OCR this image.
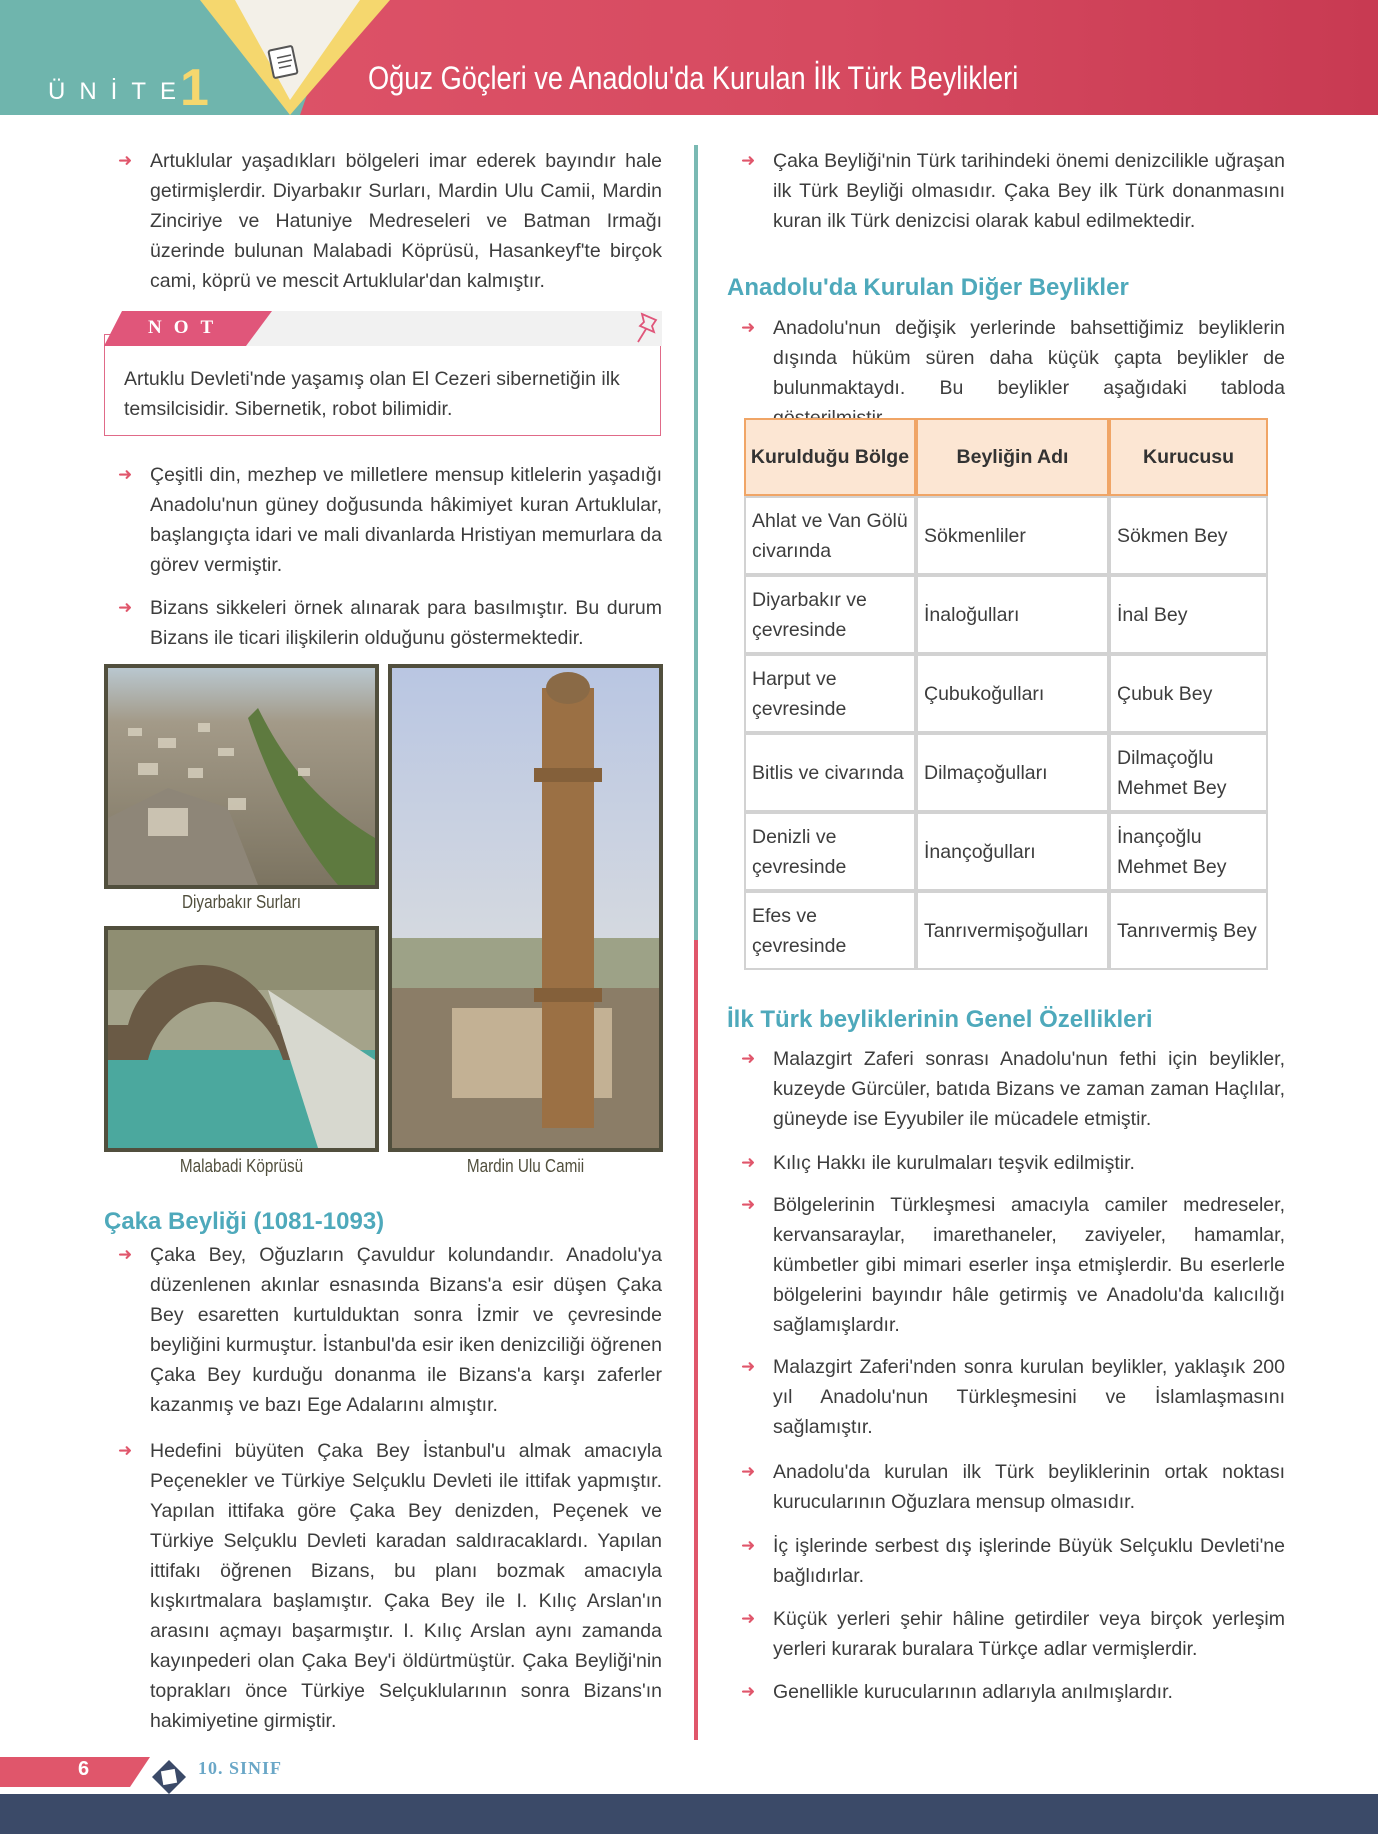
ÜNİTE
1	Oğuz Göçleri ve Anadolu'da Kurulan İlk Türk Beylikleri
➜ Artuklular yaşadıkları bölgeleri imar ederek bayındır hale getirmişlerdir. Diyarbakır Surları, Mardin Ulu Camii, Mardin Zinciriye ve Hatuniye Medreseleri ve Batman Irmağı üzerinde bulunan Malabadi Köprüsü, Hasankeyf'te birçok cami, köprü ve mescit Artuklular'dan kalmıştır.
NOT
Artuklu Devleti'nde yaşamış olan El Cezeri sibernetiğin ilk temsilcisidir. Sibernetik, robot bilimidir.
➜ Çeşitli din, mezhep ve milletlere mensup kitlelerin yaşadığı Anadolu'nun güney doğusunda hâkimiyet kuran Artuklular, başlangıçta idari ve mali divanlarda Hristiyan memurlara da görev vermiştir.
➜ Bizans sikkeleri örnek alınarak para basılmıştır. Bu durum Bizans ile ticari ilişkilerin olduğunu göstermektedir.
Diyarbakır Surları
Malabadi Köprüsü	Mardin Ulu Camii
Çaka Beyliği (1081-1093)
➜ Çaka Bey, Oğuzların Çavuldur kolundandır. Anadolu'ya düzenlenen akınlar esnasında Bizans'a esir düşen Çaka Bey esaretten kurtulduktan sonra İzmir ve çevresinde beyliğini kurmuştur. İstanbul'da esir iken denizciliği öğrenen Çaka Bey kurduğu donanma ile Bizans'a karşı zaferler kazanmış ve bazı Ege Adalarını almıştır.
➜ Hedefini büyüten Çaka Bey İstanbul'u almak amacıyla Peçenekler ve Türkiye Selçuklu Devleti ile ittifak yapmıştır. Yapılan ittifaka göre Çaka Bey denizden, Peçenek ve Türkiye Selçuklu Devleti karadan saldıracaklardı. Yapılan ittifakı öğrenen Bizans, bu planı bozmak amacıyla kışkırtmalara başlamıştır. Çaka Bey ile I. Kılıç Arslan'ın arasını açmayı başarmıştır. I. Kılıç Arslan aynı zamanda kayınpederi olan Çaka Bey'i öldürtmüştür. Çaka Beyliği'nin toprakları önce Türkiye Selçuklularının sonra Bizans'ın hakimiyetine girmiştir.
➜ Çaka Beyliği'nin Türk tarihindeki önemi denizcilikle uğraşan ilk Türk Beyliği olmasıdır. Çaka Bey ilk Türk donanmasını kuran ilk Türk denizcisi olarak kabul edilmektedir.
Anadolu'da Kurulan Diğer Beylikler
➜ Anadolu'nun değişik yerlerinde bahsettiğimiz beyliklerin dışında hüküm süren daha küçük çapta beylikler de bulunmaktaydı. Bu beylikler aşağıdaki tabloda
Kurulduğu Bölge	Beyliğin Adı	Kurucusu
Ahlat ve Van Gölü civarında	Sökmenliler	Sökmen Bey
Diyarbakır ve çevresinde	İnaloğulları	İnal Bey
Harput ve çevresinde	Çubukoğulları	Çubuk Bey
Bitlis ve civarında	Dilmaçoğulları	Dilmaçoğlu Mehmet Bey
Denizli ve çevresinde	İnançoğulları	İnançoğlu Mehmet Bey
Efes ve çevresinde	Tanrıvermişoğulları	Tanrıvermiş Bey
İlk Türk beyliklerinin Genel Özellikleri
➜ Malazgirt Zaferi sonrası Anadolu'nun fethi için beylikler, kuzeyde Gürcüler, batıda Bizans ve zaman zaman Haçlılar, güneyde ise Eyyubiler ile mücadele etmiştir.
➜ Kılıç Hakkı ile kurulmaları teşvik edilmiştir.
➜ Bölgelerinin Türkleşmesi amacıyla camiler medreseler, kervansaraylar, imarethaneler, zaviyeler, hamamlar, kümbetler gibi mimari eserler inşa etmişlerdir. Bu eserlerle bölgelerini bayındır hâle getirmiş ve Anadolu'da kalıcılığı sağlamışlardır.
➜ Malazgirt Zaferi'nden sonra kurulan beylikler, yaklaşık 200 yıl Anadolu'nun Türkleşmesini ve İslamlaşmasını sağlamıştır.
➜ Anadolu'da kurulan ilk Türk beyliklerinin ortak noktası kurucularının Oğuzlara mensup olmasıdır.
➜ İç işlerinde serbest dış işlerinde Büyük Selçuklu Devleti'ne bağlıdırlar.
➜ Küçük yerleri şehir hâline getirdiler veya birçok yerleşim yerleri kurarak buralara Türkçe adlar vermişlerdir.
➜ Genellikle kurucularının adlarıyla anılmışlardır.
6	10. SINIF
